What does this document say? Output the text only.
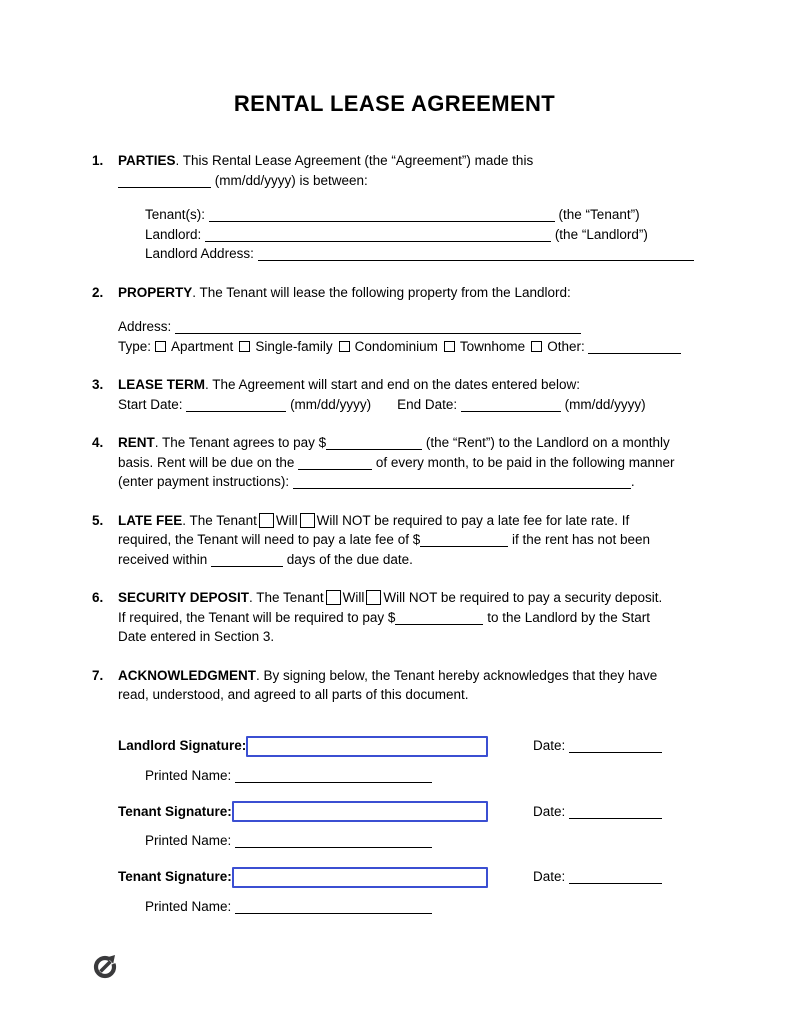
RENTAL LEASE AGREEMENT
1.	PARTIES. This Rental Lease Agreement (the “Agreement”) made this
(mm/dd/yyyy) is between:
Tenant(s):	(the “Tenant”)
Landlord:	(the “Landlord”)
Landlord Address:
2.	PROPERTY. The Tenant will lease the following property from the Landlord:
Address:
Type: Apartment Single-family Condominium Townhome Other:
3.	LEASE TERM. The Agreement will start and end on the dates entered below:
Start Date:	(mm/dd/yyyy) End Date:	(mm/dd/yyyy)
4.	RENT. The Tenant agrees to pay $	(the “Rent”) to the Landlord on a monthly
basis. Rent will be due on the	of every month, to be paid in the following manner
(enter payment instructions):	.
5.	LATE FEE. The Tenant Will Will NOT be required to pay a late fee for late rate. If
required, the Tenant will need to pay a late fee of $	if the rent has not been
received within	days of the due date.
6.	SECURITY DEPOSIT. The Tenant Will Will NOT be required to pay a security deposit.
If required, the Tenant will be required to pay $	to the Landlord by the Start
Date entered in Section 3.
7.	ACKNOWLEDGMENT. By signing below, the Tenant hereby acknowledges that they have
read, understood, and agreed to all parts of this document.
Landlord Signature:	Date:
Printed Name:
Tenant Signature:	Date:
Printed Name:
Tenant Signature:	Date:
Printed Name:
